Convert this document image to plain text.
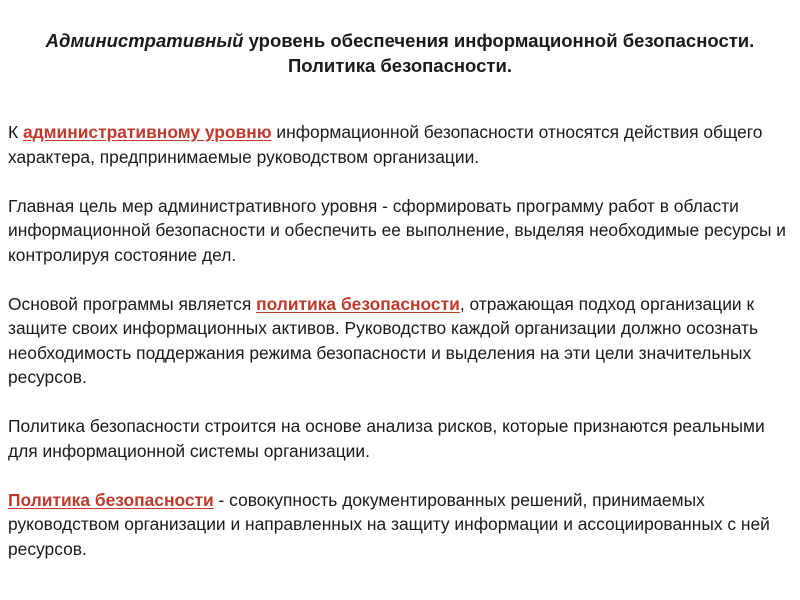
Административный уровень обеспечения информационной безопасности.
Политика безопасности.

К административному уровню информационной безопасности относятся действия общего характера, предпринимаемые руководством организации.

Главная цель мер административного уровня - сформировать программу работ в области информационной безопасности и обеспечить ее выполнение, выделяя необходимые ресурсы и контролируя состояние дел.

Основой программы является политика безопасности, отражающая подход организации к защите своих информационных активов. Руководство каждой организации должно осознать необходимость поддержания режима безопасности и выделения на эти цели значительных ресурсов.

Политика безопасности строится на основе анализа рисков, которые признаются реальными для информационной системы организации.

Политика безопасности - совокупность документированных решений, принимаемых руководством организации и направленных на защиту информации и ассоциированных с ней ресурсов.
